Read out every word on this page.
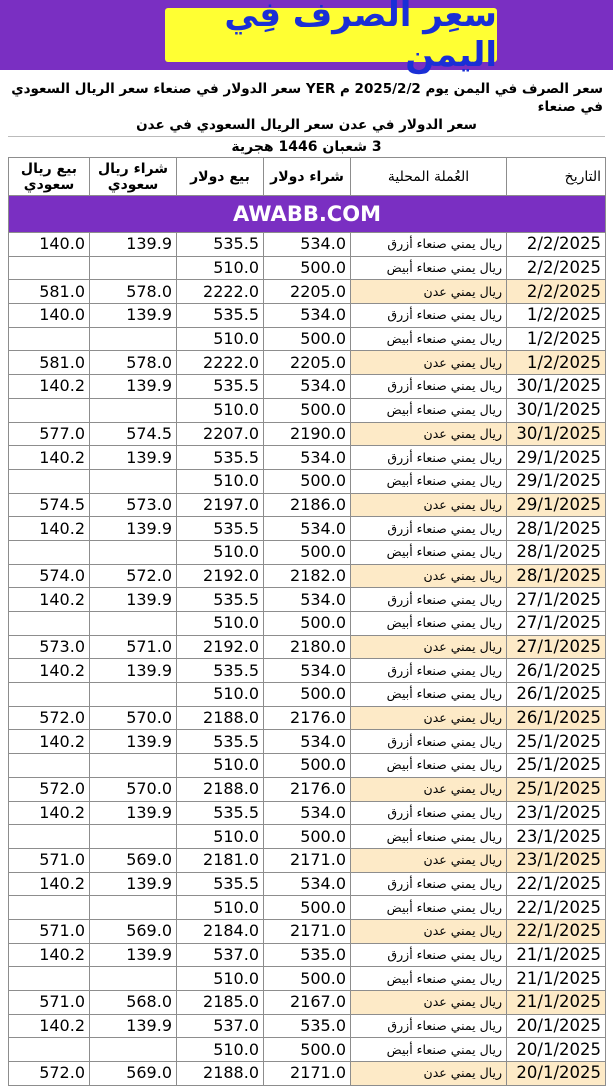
سعِر الصرف فِي اليمن
سعر الصرف في اليمن يوم 2025/2/2 م YER سعر الدولار في صنعاء سعر الريال السعودي في صنعاء
سعر الدولار في عدن سعر الريال السعودي في عدن
3 شعبان 1446 هجرية
بيع ريال سعودي	شراء ريال سعودي	بيع دولار	شراء دولار	العُملة المحلية	التاريخ
AWABB.COM					
140.0	139.9	535.5	534.0	ريال يمني صنعاء أزرق	2/2/2025
		510.0	500.0	ريال يمني صنعاء أبيض	2/2/2025
581.0	578.0	2222.0	2205.0	ريال يمني عدن	2/2/2025
140.0	139.9	535.5	534.0	ريال يمني صنعاء أزرق	1/2/2025
		510.0	500.0	ريال يمني صنعاء أبيض	1/2/2025
581.0	578.0	2222.0	2205.0	ريال يمني عدن	1/2/2025
140.2	139.9	535.5	534.0	ريال يمني صنعاء أزرق	30/1/2025
		510.0	500.0	ريال يمني صنعاء أبيض	30/1/2025
577.0	574.5	2207.0	2190.0	ريال يمني عدن	30/1/2025
140.2	139.9	535.5	534.0	ريال يمني صنعاء أزرق	29/1/2025
		510.0	500.0	ريال يمني صنعاء أبيض	29/1/2025
574.5	573.0	2197.0	2186.0	ريال يمني عدن	29/1/2025
140.2	139.9	535.5	534.0	ريال يمني صنعاء أزرق	28/1/2025
		510.0	500.0	ريال يمني صنعاء أبيض	28/1/2025
574.0	572.0	2192.0	2182.0	ريال يمني عدن	28/1/2025
140.2	139.9	535.5	534.0	ريال يمني صنعاء أزرق	27/1/2025
		510.0	500.0	ريال يمني صنعاء أبيض	27/1/2025
573.0	571.0	2192.0	2180.0	ريال يمني عدن	27/1/2025
140.2	139.9	535.5	534.0	ريال يمني صنعاء أزرق	26/1/2025
		510.0	500.0	ريال يمني صنعاء أبيض	26/1/2025
572.0	570.0	2188.0	2176.0	ريال يمني عدن	26/1/2025
140.2	139.9	535.5	534.0	ريال يمني صنعاء أزرق	25/1/2025
		510.0	500.0	ريال يمني صنعاء أبيض	25/1/2025
572.0	570.0	2188.0	2176.0	ريال يمني عدن	25/1/2025
140.2	139.9	535.5	534.0	ريال يمني صنعاء أزرق	23/1/2025
		510.0	500.0	ريال يمني صنعاء أبيض	23/1/2025
571.0	569.0	2181.0	2171.0	ريال يمني عدن	23/1/2025
140.2	139.9	535.5	534.0	ريال يمني صنعاء أزرق	22/1/2025
		510.0	500.0	ريال يمني صنعاء أبيض	22/1/2025
571.0	569.0	2184.0	2171.0	ريال يمني عدن	22/1/2025
140.2	139.9	537.0	535.0	ريال يمني صنعاء أزرق	21/1/2025
		510.0	500.0	ريال يمني صنعاء أبيض	21/1/2025
571.0	568.0	2185.0	2167.0	ريال يمني عدن	21/1/2025
140.2	139.9	537.0	535.0	ريال يمني صنعاء أزرق	20/1/2025
		510.0	500.0	ريال يمني صنعاء أبيض	20/1/2025
572.0	569.0	2188.0	2171.0	ريال يمني عدن	20/1/2025
